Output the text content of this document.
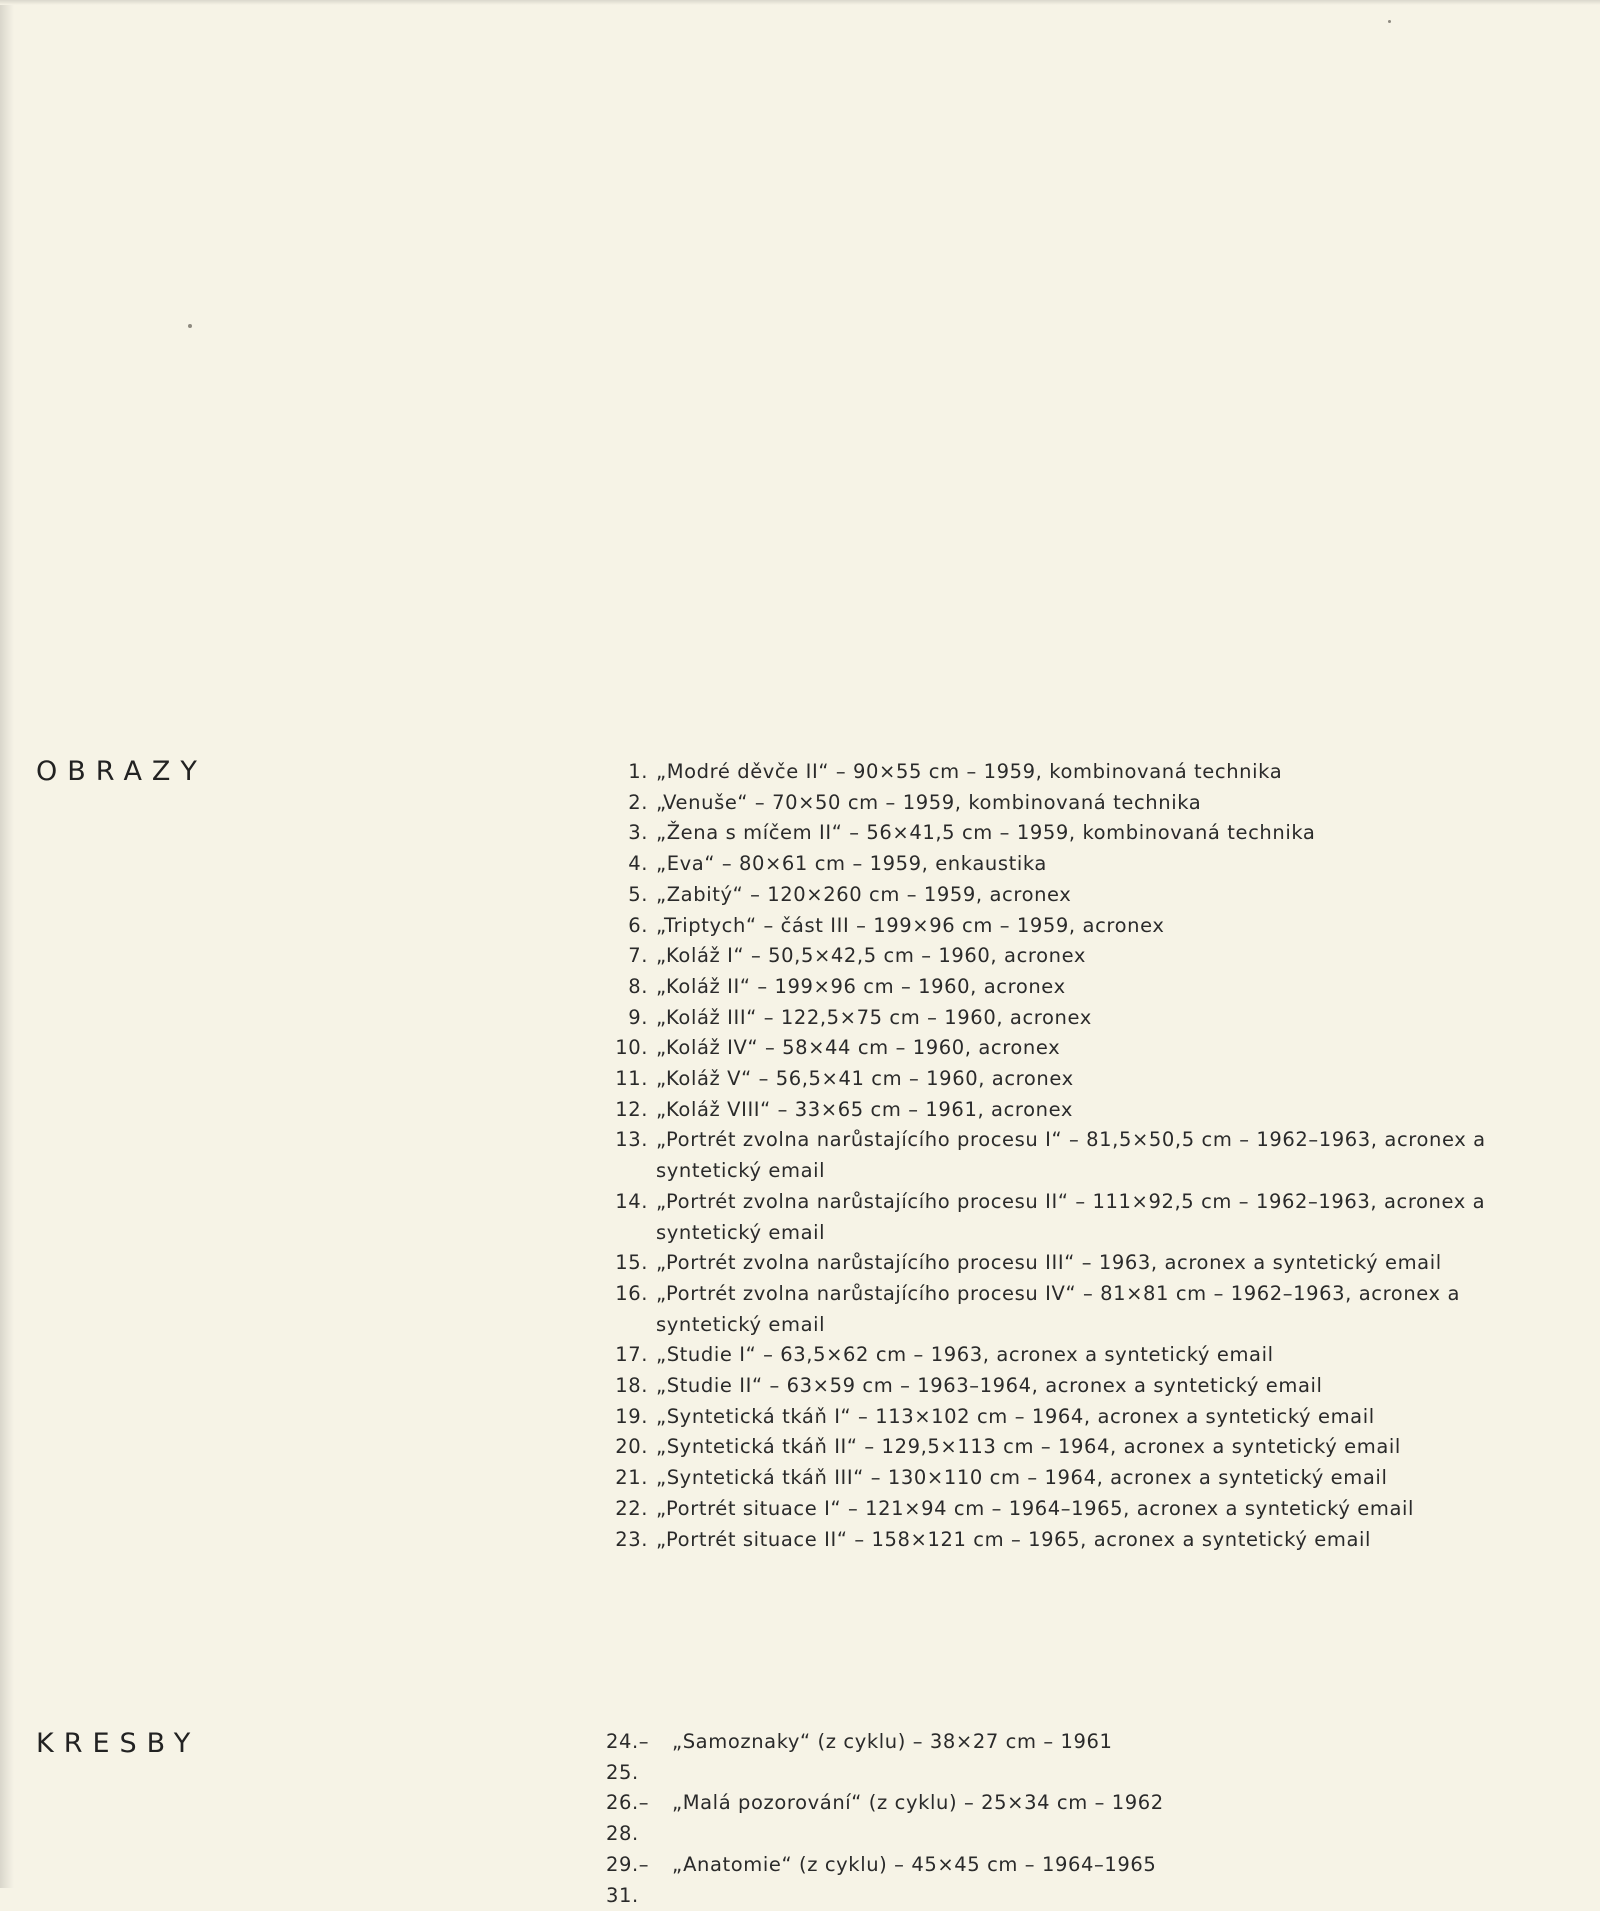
OBRAZY	1. „Modré děvče II“ – 90×55 cm – 1959, kombinovaná technika
2. „Venuše“ – 70×50 cm – 1959, kombinovaná technika
3. „Žena s míčem II“ – 56×41,5 cm – 1959, kombinovaná technika
4. „Eva“ – 80×61 cm – 1959, enkaustika
5. „Zabitý“ – 120×260 cm – 1959, acronex
6. „Triptych“ – část III – 199×96 cm – 1959, acronex
7. „Koláž I“ – 50,5×42,5 cm – 1960, acronex
8. „Koláž II“ – 199×96 cm – 1960, acronex
9. „Koláž III“ – 122,5×75 cm – 1960, acronex
10. „Koláž IV“ – 58×44 cm – 1960, acronex
11. „Koláž V“ – 56,5×41 cm – 1960, acronex
12. „Koláž VIII“ – 33×65 cm – 1961, acronex
13. „Portrét zvolna narůstajícího procesu I“ – 81,5×50,5 cm – 1962–1963, acronex a syntetický email
14. „Portrét zvolna narůstajícího procesu II“ – 111×92,5 cm – 1962–1963, acronex a syntetický email
15. „Portrét zvolna narůstajícího procesu III“ – 1963, acronex a syntetický email
16. „Portrét zvolna narůstajícího procesu IV“ – 81×81 cm – 1962–1963, acronex a syntetický email
17. „Studie I“ – 63,5×62 cm – 1963, acronex a syntetický email
18. „Studie II“ – 63×59 cm – 1963–1964, acronex a syntetický email
19. „Syntetická tkáň I“ – 113×102 cm – 1964, acronex a syntetický email
20. „Syntetická tkáň II“ – 129,5×113 cm – 1964, acronex a syntetický email
21. „Syntetická tkáň III“ – 130×110 cm – 1964, acronex a syntetický email
22. „Portrét situace I“ – 121×94 cm – 1964–1965, acronex a syntetický email
23. „Portrét situace II“ – 158×121 cm – 1965, acronex a syntetický email
KRESBY	24.–25.
„Samoznaky“ (z cyklu) – 38×27 cm – 1961
26.–28.
„Malá pozorování“ (z cyklu) – 25×34 cm – 1962
29.–31.
„Anatomie“ (z cyklu) – 45×45 cm – 1964–1965
